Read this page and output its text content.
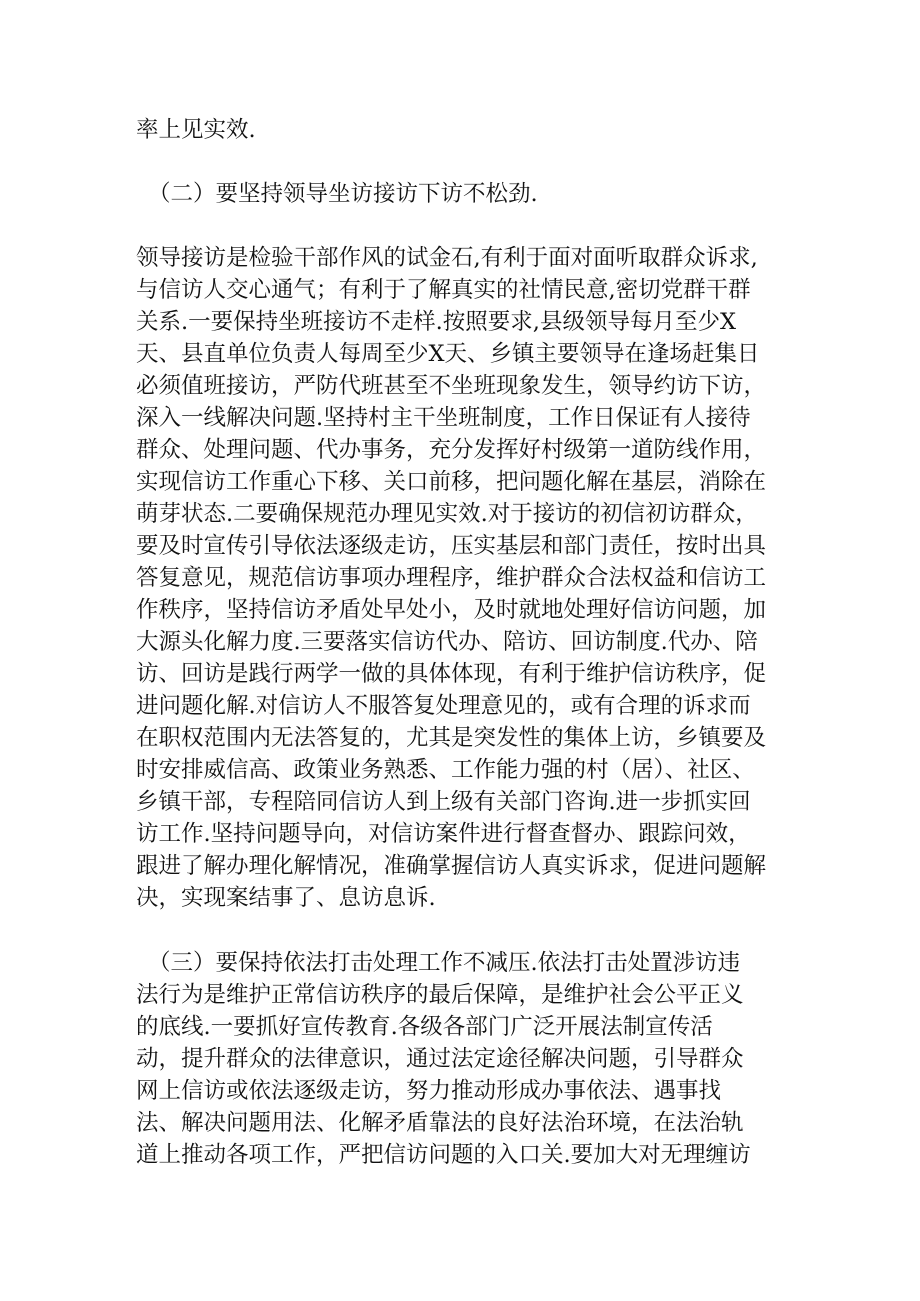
率上见实效.

（二）要坚持领导坐访接访下访不松劲.

领导接访是检验干部作风的试金石,有利于面对面听取群众诉求,

与信访人交心通气；有利于了解真实的社情民意,密切党群干群

关系.一要保持坐班接访不走样.按照要求,县级领导每月至少X

天、县直单位负责人每周至少X天、乡镇主要领导在逢场赶集日

必须值班接访，严防代班甚至不坐班现象发生，领导约访下访，

深入一线解决问题.坚持村主干坐班制度，工作日保证有人接待

群众、处理问题、代办事务，充分发挥好村级第一道防线作用，

实现信访工作重心下移、关口前移，把问题化解在基层，消除在

萌芽状态.二要确保规范办理见实效.对于接访的初信初访群众，

要及时宣传引导依法逐级走访，压实基层和部门责任，按时出具

答复意见，规范信访事项办理程序，维护群众合法权益和信访工

作秩序，坚持信访矛盾处早处小，及时就地处理好信访问题，加

大源头化解力度.三要落实信访代办、陪访、回访制度.代办、陪

访、回访是践行两学一做的具体体现，有利于维护信访秩序，促

进问题化解.对信访人不服答复处理意见的，或有合理的诉求而

在职权范围内无法答复的，尤其是突发性的集体上访，乡镇要及

时安排威信高、政策业务熟悉、工作能力强的村（居）、社区、

乡镇干部，专程陪同信访人到上级有关部门咨询.进一步抓实回

访工作.坚持问题导向，对信访案件进行督查督办、跟踪问效，

跟进了解办理化解情况，准确掌握信访人真实诉求，促进问题解

决，实现案结事了、息访息诉.

（三）要保持依法打击处理工作不减压.依法打击处置涉访违

法行为是维护正常信访秩序的最后保障，是维护社会公平正义

的底线.一要抓好宣传教育.各级各部门广泛开展法制宣传活

动，提升群众的法律意识，通过法定途径解决问题，引导群众

网上信访或依法逐级走访，努力推动形成办事依法、遇事找

法、解决问题用法、化解矛盾靠法的良好法治环境，在法治轨

道上推动各项工作，严把信访问题的入口关.要加大对无理缠访
